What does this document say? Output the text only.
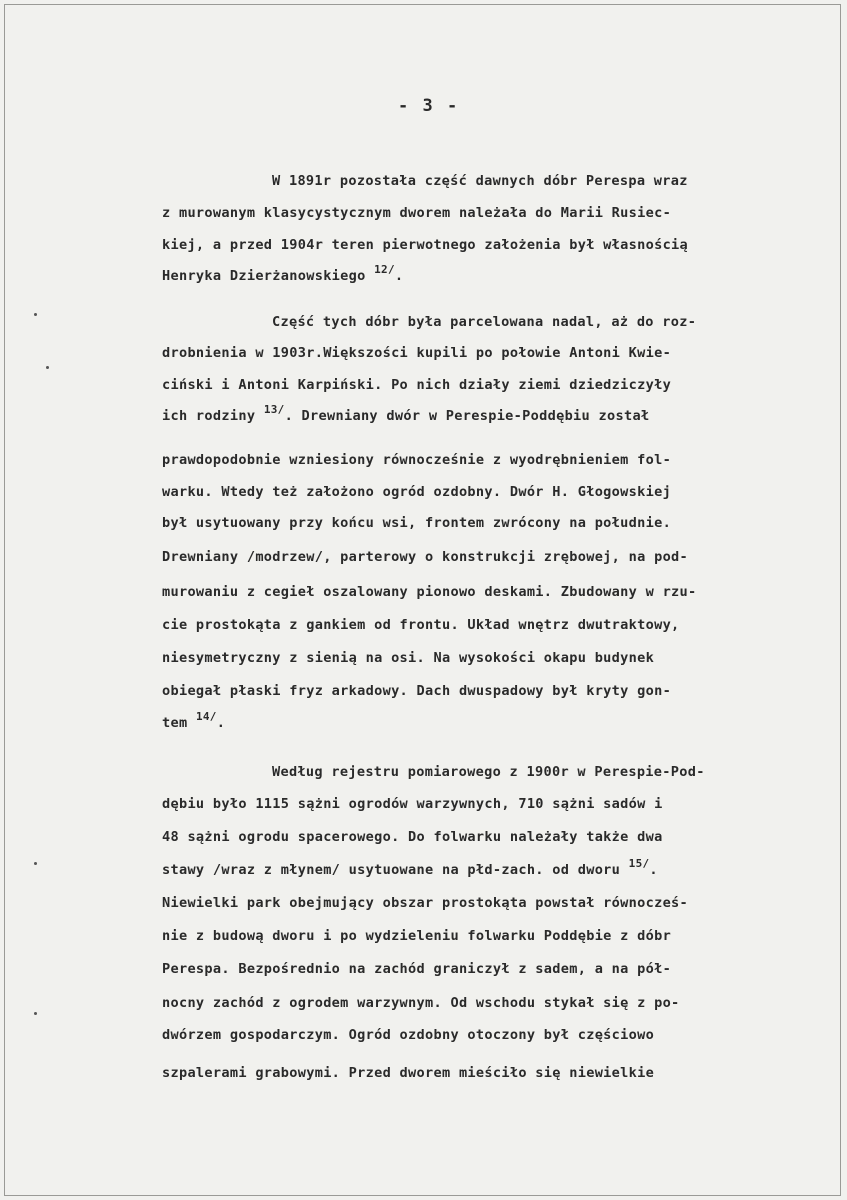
- 3 -
W 1891r pozostała część dawnych dóbr Perespa wraz
z murowanym klasycystycznym dworem należała do Marii Rusiec-
kiej, a przed 1904r teren pierwotnego założenia był własnością
Henryka Dzierżanowskiego $^{12/}$.
Część tych dóbr była parcelowana nadal, aż do roz-
drobnienia w 1903r.Większości kupili po połowie Antoni Kwie-
ciński i Antoni Karpiński. Po nich działy ziemi dziedziczyły
ich rodziny $^{13/}$. Drewniany dwór w Perespie-Poddębiu został
prawdopodobnie wzniesiony równocześnie z wyodrębnieniem fol-
warku. Wtedy też założono ogród ozdobny. Dwór H. Głogowskiej
był usytuowany przy końcu wsi, frontem zwrócony na południe.
Drewniany /modrzew/, parterowy o konstrukcji zrębowej, na pod-
murowaniu z cegieł oszalowany pionowo deskami. Zbudowany w rzu-
cie prostokąta z gankiem od frontu. Układ wnętrz dwutraktowy,
niesymetryczny z sienią na osi. Na wysokości okapu budynek
obiegał płaski fryz arkadowy. Dach dwuspadowy był kryty gon-
tem $^{14/}$.
Według rejestru pomiarowego z 1900r w Perespie-Pod-
dębiu było 1115 sążni ogrodów warzywnych, 710 sążni sadów i
48 sążni ogrodu spacerowego. Do folwarku należały także dwa
stawy /wraz z młynem/ usytuowane na płd-zach. od dworu $^{15/}$.
Niewielki park obejmujący obszar prostokąta powstał równocześ-
nie z budową dworu i po wydzieleniu folwarku Poddębie z dóbr
Perespa. Bezpośrednio na zachód graniczył z sadem, a na pół-
nocny zachód z ogrodem warzywnym. Od wschodu stykał się z po-
dwórzem gospodarczym. Ogród ozdobny otoczony był częściowo
szpalerami grabowymi. Przed dworem mieściło się niewielkie
